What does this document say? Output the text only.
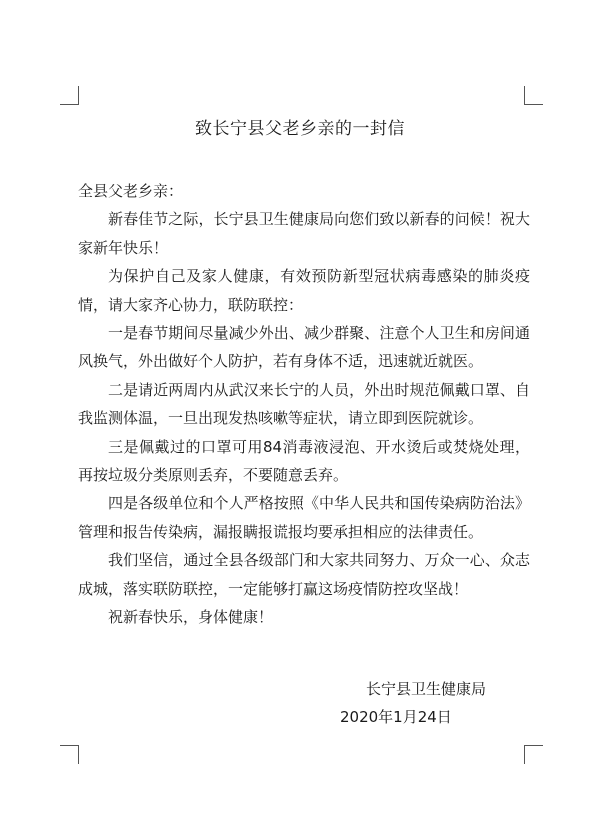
致长宁县父老乡亲的一封信

全县父老乡亲：

新春佳节之际，长宁县卫生健康局向您们致以新春的问候！祝大家新年快乐！

为保护自己及家人健康，有效预防新型冠状病毒感染的肺炎疫情，请大家齐心协力，联防联控：

一是春节期间尽量减少外出、减少群聚、注意个人卫生和房间通风换气，外出做好个人防护，若有身体不适，迅速就近就医。

二是请近两周内从武汉来长宁的人员，外出时规范佩戴口罩、自我监测体温，一旦出现发热咳嗽等症状，请立即到医院就诊。

三是佩戴过的口罩可用84消毒液浸泡、开水烫后或焚烧处理，再按垃圾分类原则丢弃，不要随意丢弃。

四是各级单位和个人严格按照《中华人民共和国传染病防治法》管理和报告传染病，漏报瞒报谎报均要承担相应的法律责任。

我们坚信，通过全县各级部门和大家共同努力、万众一心、众志成城，落实联防联控，一定能够打赢这场疫情防控攻坚战！

祝新春快乐，身体健康！

长宁县卫生健康局
2020年1月24日
